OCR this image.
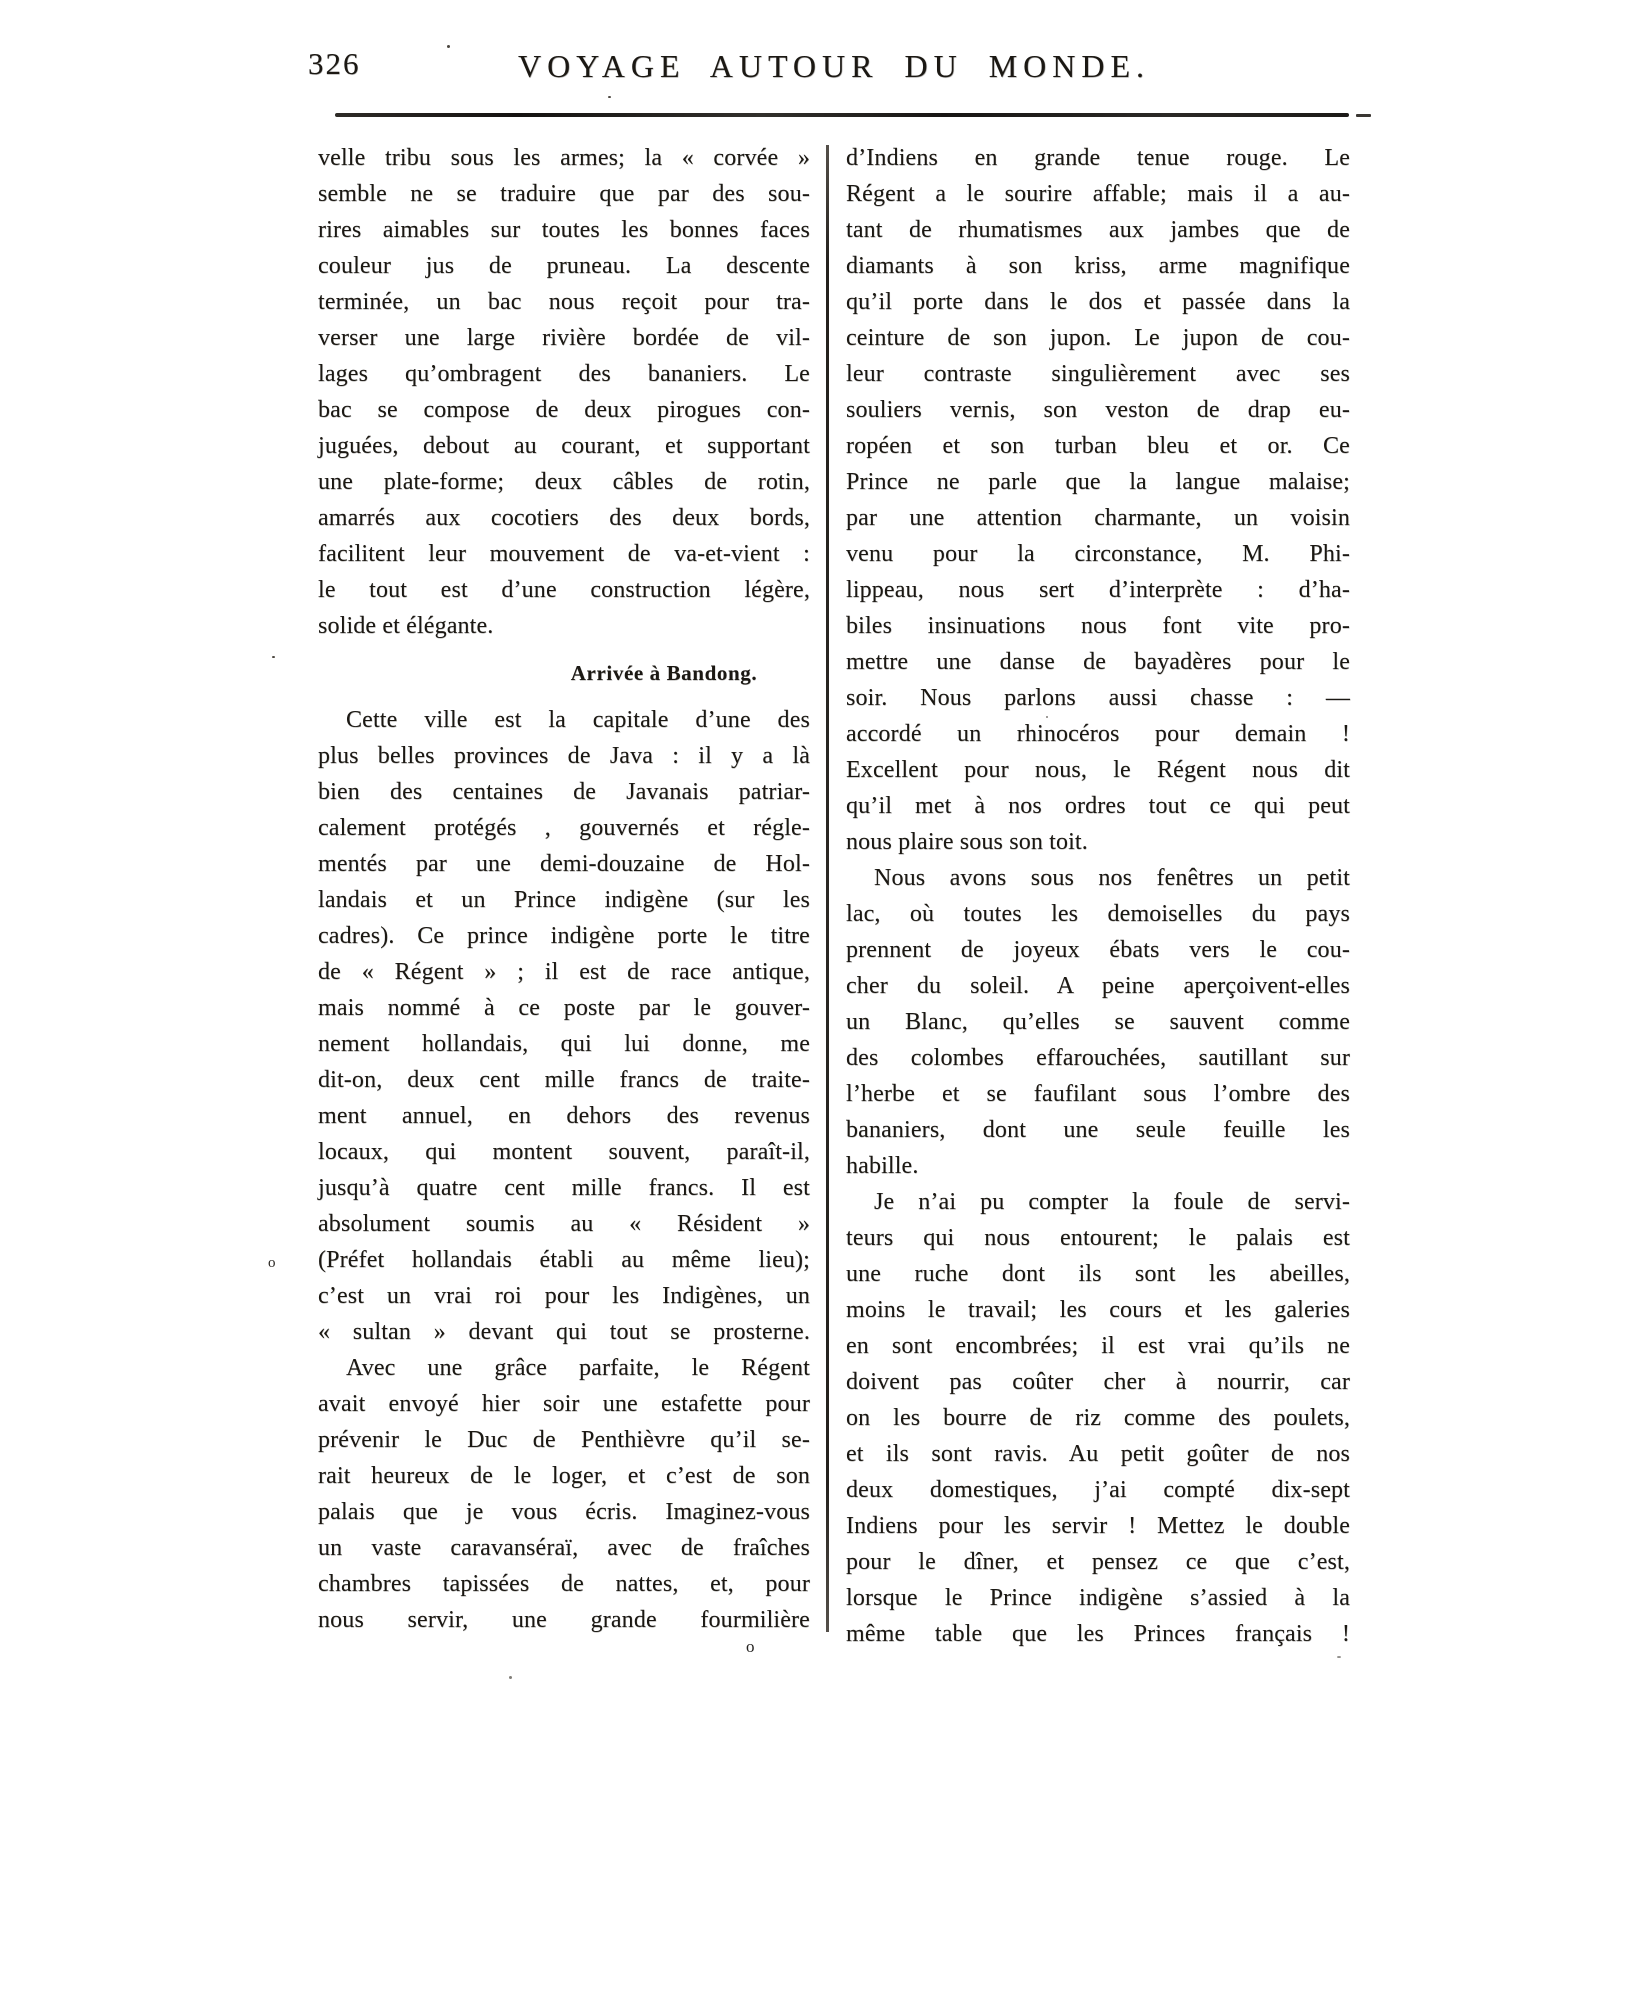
326	VOYAGE AUTOUR DU MONDE.
velle tribu sous les armes; la « corvée »
semble ne se traduire que par des sou-
rires aimables sur toutes les bonnes faces
couleur jus de pruneau. La descente
terminée, un bac nous reçoit pour tra-
verser une large rivière bordée de vil-
lages qu’ombragent des bananiers. Le
bac se compose de deux pirogues con-
juguées, debout au courant, et supportant
une plate-forme; deux câbles de rotin,
amarrés aux cocotiers des deux bords,
facilitent leur mouvement de va-et-vient :
le tout est d’une construction légère,
solide et élégante.
Arrivée à Bandong.
Cette ville est la capitale d’une des
plus belles provinces de Java : il y a là
bien des centaines de Javanais patriar-
calement protégés , gouvernés et régle-
mentés par une demi-douzaine de Hol-
landais et un Prince indigène (sur les
cadres). Ce prince indigène porte le titre
de « Régent » ; il est de race antique,
mais nommé à ce poste par le gouver-
nement hollandais, qui lui donne, me
dit-on, deux cent mille francs de traite-
ment annuel, en dehors des revenus
locaux, qui montent souvent, paraît-il,
jusqu’à quatre cent mille francs. Il est
absolument soumis au « Résident »
(Préfet hollandais établi au même lieu);
c’est un vrai roi pour les Indigènes, un
« sultan » devant qui tout se prosterne.
Avec une grâce parfaite, le Régent
avait envoyé hier soir une estafette pour
prévenir le Duc de Penthièvre qu’il se-
rait heureux de le loger, et c’est de son
palais que je vous écris. Imaginez-vous
un vaste caravanséraï, avec de fraîches
chambres tapissées de nattes, et, pour
nous servir, une grande fourmilière
d’Indiens en grande tenue rouge. Le
Régent a le sourire affable; mais il a au-
tant de rhumatismes aux jambes que de
diamants à son kriss, arme magnifique
qu’il porte dans le dos et passée dans la
ceinture de son jupon. Le jupon de cou-
leur contraste singulièrement avec ses
souliers vernis, son veston de drap eu-
ropéen et son turban bleu et or. Ce
Prince ne parle que la langue malaise;
par une attention charmante, un voisin
venu pour la circonstance, M. Phi-
lippeau, nous sert d’interprète : d’ha-
biles insinuations nous font vite pro-
mettre une danse de bayadères pour le
soir. Nous parlons aussi chasse : —
accordé un rhinocéros pour demain !
Excellent pour nous, le Régent nous dit
qu’il met à nos ordres tout ce qui peut
nous plaire sous son toit.
Nous avons sous nos fenêtres un petit
lac, où toutes les demoiselles du pays
prennent de joyeux ébats vers le cou-
cher du soleil. A peine aperçoivent-elles
un Blanc, qu’elles se sauvent comme
des colombes effarouchées, sautillant sur
l’herbe et se faufilant sous l’ombre des
bananiers, dont une seule feuille les
habille.
Je n’ai pu compter la foule de servi-
teurs qui nous entourent; le palais est
une ruche dont ils sont les abeilles,
moins le travail; les cours et les galeries
en sont encombrées; il est vrai qu’ils ne
doivent pas coûter cher à nourrir, car
on les bourre de riz comme des poulets,
et ils sont ravis. Au petit goûter de nos
deux domestiques, j’ai compté dix-sept
Indiens pour les servir ! Mettez le double
pour le dîner, et pensez ce que c’est,
lorsque le Prince indigène s’assied à la
même table que les Princes français !
o
o
